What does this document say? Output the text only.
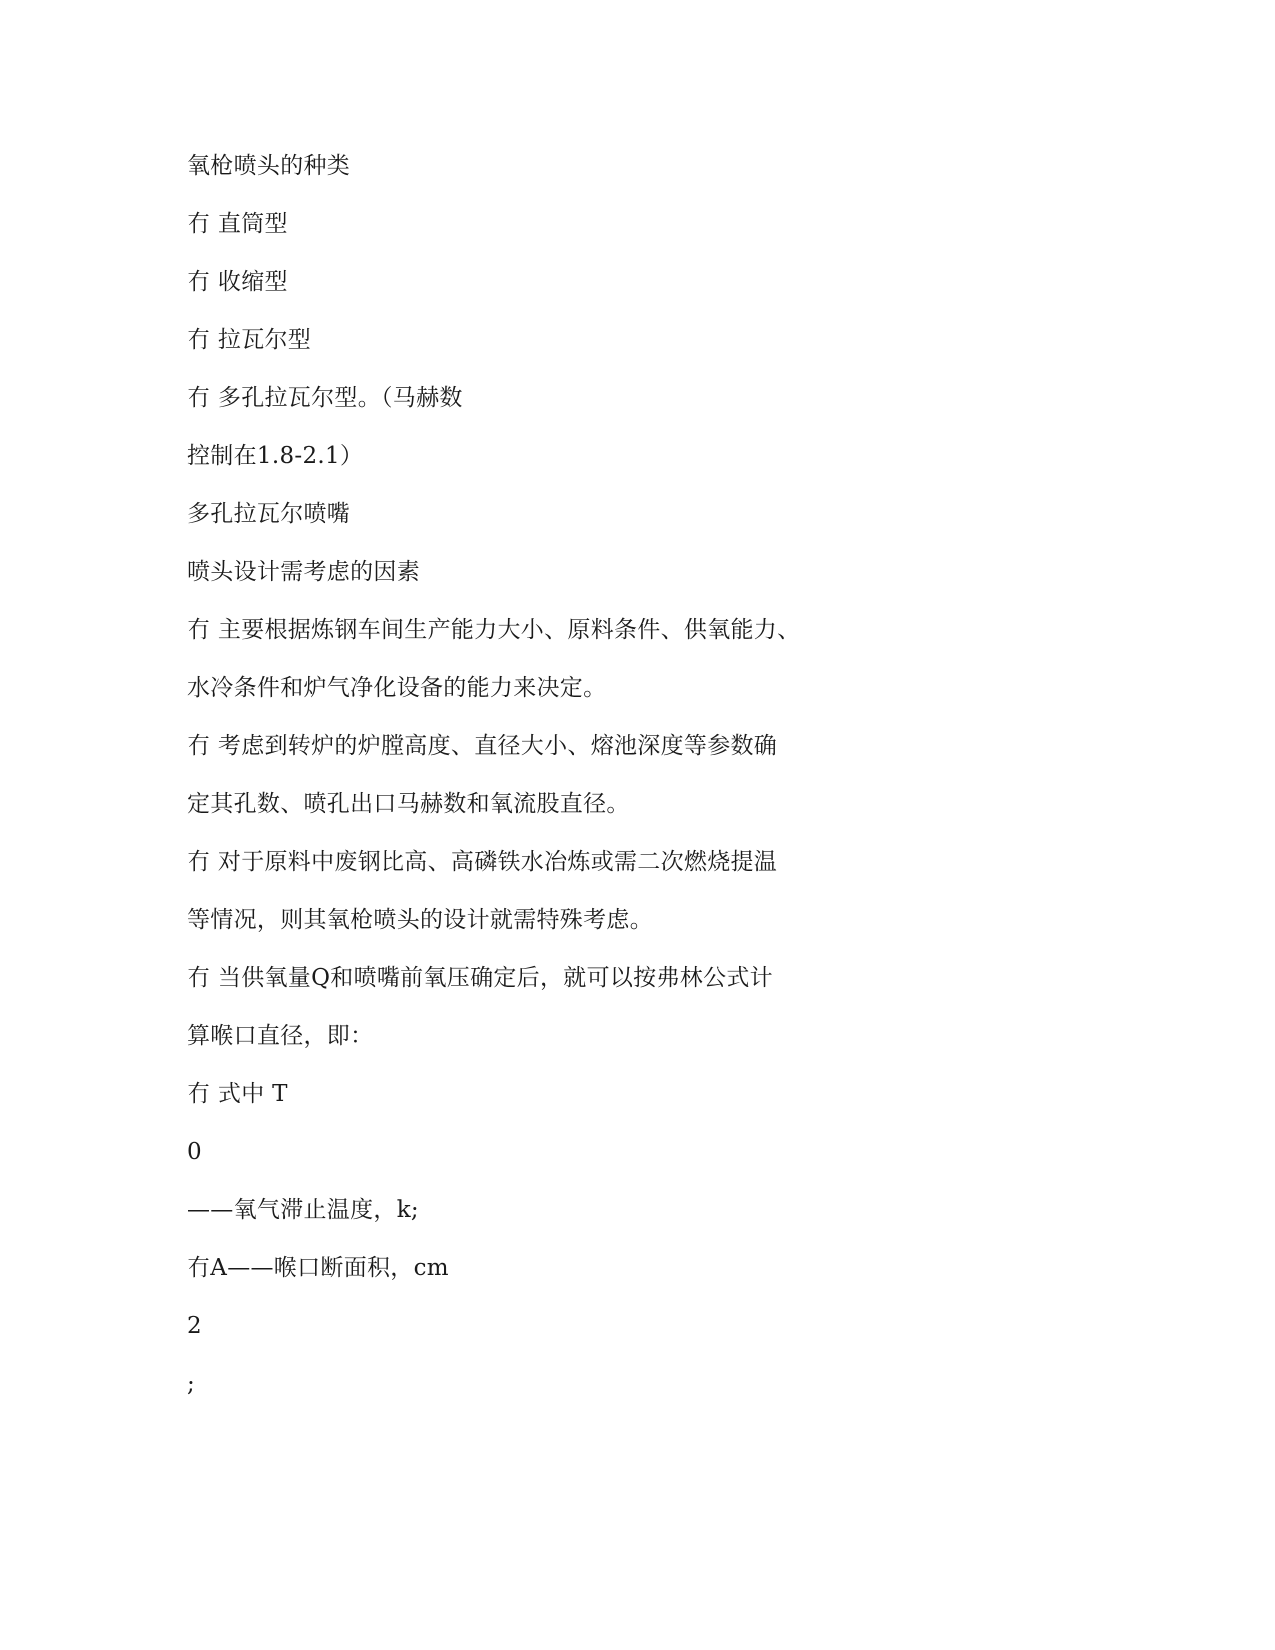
氧枪喷头的种类
冇 直筒型
冇 收缩型
冇 拉瓦尔型
冇 多孔拉瓦尔型。（马赫数
控制在1.8-2.1）
多孔拉瓦尔喷嘴
喷头设计需考虑的因素
冇 主要根据炼钢车间生产能力大小、原料条件、供氧能力、
水冷条件和炉气净化设备的能力来决定。
冇 考虑到转炉的炉膛高度、直径大小、熔池深度等参数确
定其孔数、喷孔出口马赫数和氧流股直径。
冇 对于原料中废钢比高、高磷铁水冶炼或需二次燃烧提温
等情况，则其氧枪喷头的设计就需特殊考虑。
冇 当供氧量Q和喷嘴前氧压确定后，就可以按弗林公式计
算喉口直径，即：
冇 式中 T
0
——氧气滞止温度，k;
冇A——喉口断面积，cm
2
;
